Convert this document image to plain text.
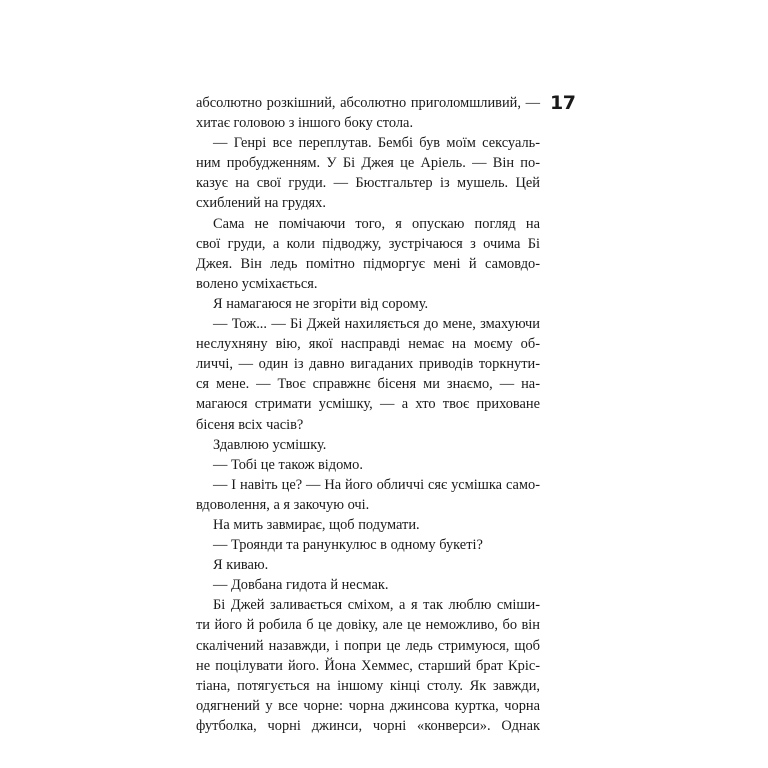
17
абсолютно розкішний, абсолютно приголомшливий, —
хитає головою з іншого боку стола.
— Генрі все переплутав. Бембі був моїм сексуаль-
ним пробудженням. У Бі Джея це Аріель. — Він по-
казує на свої груди. — Бюстгальтер із мушель. Цей
схиблений на грудях.
Сама не помічаючи того, я опускаю погляд на
свої груди, а коли підводжу, зустрічаюся з очима Бі
Джея. Він ледь помітно підморгує мені й самовдо-
волено усміхається.
Я намагаюся не згоріти від сорому.
— Тож... — Бі Джей нахиляється до мене, змахуючи
неслухняну вію, якої насправді немає на моєму об-
личчі, — один із давно вигаданих приводів торкнути-
ся мене. — Твоє справжнє бісеня ми знаємо, — на-
магаюся стримати усмішку, — а хто твоє приховане
бісеня всіх часів?
Здавлюю усмішку.
— Тобі це також відомо.
— І навіть це? — На його обличчі сяє усмішка само-
вдоволення, а я закочую очі.
На мить завмирає, щоб подумати.
— Троянди та ранункулюс в одному букеті?
Я киваю.
— Довбана гидота й несмак.
Бі Джей заливається сміхом, а я так люблю сміши-
ти його й робила б це довіку, але це неможливо, бо він
скалічений назавжди, і попри це ледь стримуюся, щоб
не поцілувати його. Йона Хеммес, старший брат Кріс-
тіана, потягується на іншому кінці столу. Як завжди,
одягнений у все чорне: чорна джинсова куртка, чорна
футболка, чорні джинси, чорні «конверси». Однак
